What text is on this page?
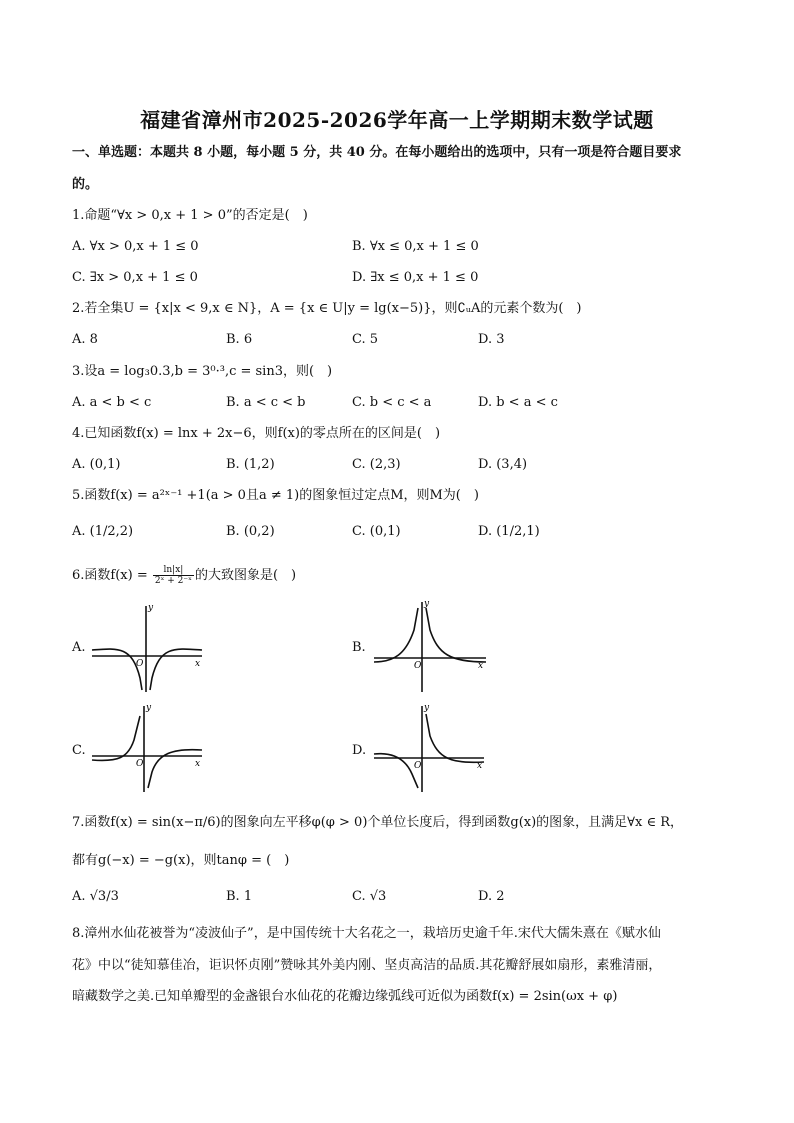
福建省漳州市2025-2026学年高一上学期期末数学试题
一、单选题：本题共 8 小题，每小题 5 分，共 40 分。在每小题给出的选项中，只有一项是符合题目要求
的。
1.命题“∀x > 0,x + 1 > 0”的否定是(　)
A. ∀x > 0,x + 1 ≤ 0	B. ∀x ≤ 0,x + 1 ≤ 0
C. ∃x > 0,x + 1 ≤ 0	D. ∃x ≤ 0,x + 1 ≤ 0
2.若全集U = {x|x < 9,x ∈ N}，A = {x ∈ U|y = lg(x−5)}，则∁ᵤA的元素个数为(　)
A. 8	B. 6	C. 5	D. 3
3.设a = log₃0.3,b = 3⁰·³,c = sin3，则(　)
A. a < b < c	B. a < c < b	C. b < c < a	D. b < a < c
4.已知函数f(x) = lnx + 2x−6，则f(x)的零点所在的区间是(　)
A. (0,1)	B. (1,2)	C. (2,3)	D. (3,4)
5.函数f(x) = a²ˣ⁻¹ +1(a > 0且a ≠ 1)的图象恒过定点M，则M为(　)
A. (1/2,2)	B. (0,2)	C. (0,1)	D. (1/2,1)
6.函数$f(x) = \frac{\ln|x|}{\text{2ˣ + 2⁻ˣ}}$ 的大致图象是(　)
A.
y
x
O
B.
y
x
O
C.
y
x
O
D.
y
x
O
7.函数f(x) = sin(x−π/6)的图象向左平移φ(φ > 0)个单位长度后，得到函数g(x)的图象，且满足∀x ∈ R，
都有g(−x) = −g(x)，则tanφ = (　)
A. √3/3	B. 1	C. √3	D. 2
8.漳州水仙花被誉为“凌波仙子”，是中国传统十大名花之一，栽培历史逾千年.宋代大儒朱熹在《赋水仙
花》中以“徒知慕佳冶，讵识怀贞刚”赞咏其外美内刚、坚贞高洁的品质.其花瓣舒展如扇形，素雅清丽，
暗藏数学之美.已知单瓣型的金盏银台水仙花的花瓣边缘弧线可近似为函数f(x) = 2sin(ωx + φ)
